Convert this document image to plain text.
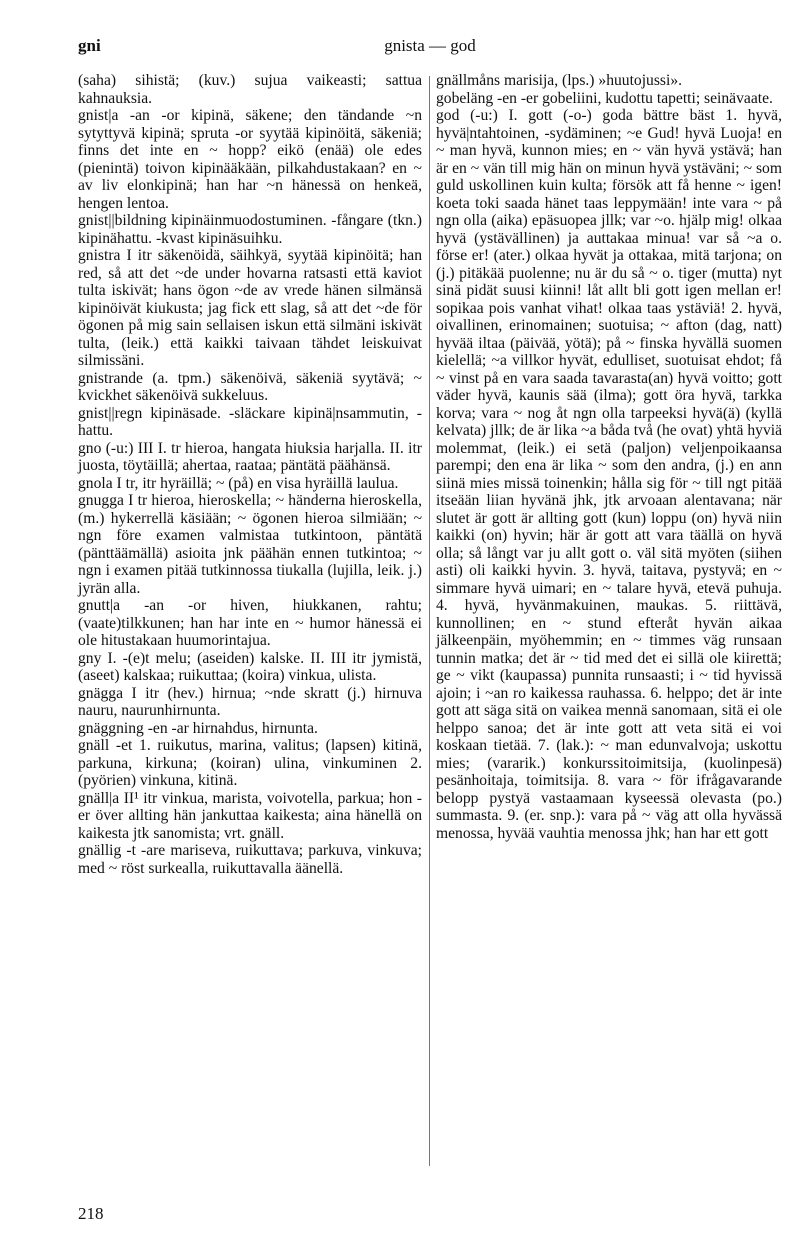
gni	gnista — god

(saha) sihistä; (kuv.) sujua vaikeasti; sattua kahnauksia.

gnist|a -an -or kipinä, säkene; den tändande ~n sytyttyvä kipinä; spruta -or syytää kipinöitä, säkeniä; finns det inte en ~ hopp? eikö (enää) ole edes (pienintä) toivon kipinääkään, pilkahdustakaan? en ~ av liv elonkipinä; han har ~n hänessä on henkeä, hengen lentoa.

gnist||bildning kipinäinmuodostuminen. -fångare (tkn.) kipinähattu. -kvast kipinäsuihku.

gnistra I itr säkenöidä, säihkyä, syytää kipinöitä; han red, så att det ~de under hovarna ratsasti että kaviot tulta iskivät; hans ögon ~de av vrede hänen silmänsä kipinöivät kiukusta; jag fick ett slag, så att det ~de för ögonen på mig sain sellaisen iskun että silmäni iskivät tulta, (leik.) että kaikki taivaan tähdet leiskuivat silmissäni.

gnistrande (a. tpm.) säkenöivä, säkeniä syytävä; ~ kvickhet säkenöivä sukkeluus.

gnist||regn kipinäsade. -släckare kipinä|nsammutin, -hattu.

gno (-u:) III I. tr hieroa, hangata hiuksia harjalla. II. itr juosta, töytäillä; ahertaa, raataa; päntätä päähänsä.

gnola I tr, itr hyräillä; ~ (på) en visa hyräillä laulua.

gnugga I tr hieroa, hieroskella; ~ händerna hieroskella, (m.) hykerrellä käsiään; ~ ögonen hieroa silmiään; ~ ngn före examen valmistaa tutkintoon, päntätä (pänttäämällä) asioita jnk päähän ennen tutkintoa; ~ ngn i examen pitää tutkinnossa tiukalla (lujilla, leik. j.) jyrän alla.

gnutt|a -an -or hiven, hiukkanen, rahtu; (vaate)tilkkunen; han har inte en ~ humor hänessä ei ole hitustakaan huumorintajua.

gny I. -(e)t melu; (aseiden) kalske. II. III itr jymistä, (aseet) kalskaa; ruikuttaa; (koira) vinkua, ulista.

gnägga I itr (hev.) hirnua; ~nde skratt (j.) hirnuva nauru, naurunhirnunta.

gnäggning -en -ar hirnahdus, hirnunta.

gnäll -et 1. ruikutus, marina, valitus; (lapsen) kitinä, parkuna, kirkuna; (koiran) ulina, vinkuminen 2. (pyörien) vinkuna, kitinä.

gnäll|a II¹ itr vinkua, marista, voivotella, parkua; hon -er över allting hän jankuttaa kaikesta; aina hänellä on kaikesta jtk sanomista; vrt. gnäll.

gnällig -t -are mariseva, ruikuttava; parkuva, vinkuva; med ~ röst surkealla, ruikuttavalla äänellä.

gnällmåns marisija, (lps.) »huutojussi».

gobeläng -en -er gobeliini, kudottu tapetti; seinävaate.

god (-u:) I. gott (-o-) goda bättre bäst 1. hyvä, hyvä|ntahtoinen, -sydäminen; ~e Gud! hyvä Luoja! en ~ man hyvä, kunnon mies; en ~ vän hyvä ystävä; han är en ~ vän till mig hän on minun hyvä ystäväni; ~ som guld uskollinen kuin kulta; försök att få henne ~ igen! koeta toki saada hänet taas leppymään! inte vara ~ på ngn olla (aika) epäsuopea jllk; var ~o. hjälp mig! olkaa hyvä (ystävällinen) ja auttakaa minua! var så ~a o. förse er! (ater.) olkaa hyvät ja ottakaa, mitä tarjona; on (j.) pitäkää puolenne; nu är du så ~ o. tiger (mutta) nyt sinä pidät suusi kiinni! låt allt bli gott igen mellan er! sopikaa pois vanhat vihat! olkaa taas ystäviä! 2. hyvä, oivallinen, erinomainen; suotuisa; ~ afton (dag, natt) hyvää iltaa (päivää, yötä); på ~ finska hyvällä suomen kielellä; ~a villkor hyvät, edulliset, suotuisat ehdot; få ~ vinst på en vara saada tavarasta(an) hyvä voitto; gott väder hyvä, kaunis sää (ilma); gott öra hyvä, tarkka korva; vara ~ nog åt ngn olla tarpeeksi hyvä(ä) (kyllä kelvata) jllk; de är lika ~a båda två (he ovat) yhtä hyviä molemmat, (leik.) ei setä (paljon) veljenpoikaansa parempi; den ena är lika ~ som den andra, (j.) en ann siinä mies missä toinenkin; hålla sig för ~ till ngt pitää itseään liian hyvänä jhk, jtk arvoaan alentavana; när slutet är gott är allting gott (kun) loppu (on) hyvä niin kaikki (on) hyvin; här är gott att vara täällä on hyvä olla; så långt var ju allt gott o. väl sitä myöten (siihen asti) oli kaikki hyvin. 3. hyvä, taitava, pystyvä; en ~ simmare hyvä uimari; en ~ talare hyvä, etevä puhuja. 4. hyvä, hyvänmakuinen, maukas. 5. riittävä, kunnollinen; en ~ stund efteråt hyvän aikaa jälkeenpäin, myöhemmin; en ~ timmes väg runsaan tunnin matka; det är ~ tid med det ei sillä ole kiirettä; ge ~ vikt (kaupassa) punnita runsaasti; i ~ tid hyvissä ajoin; i ~an ro kaikessa rauhassa. 6. helppo; det är inte gott att säga sitä on vaikea mennä sanomaan, sitä ei ole helppo sanoa; det är inte gott att veta sitä ei voi koskaan tietää. 7. (lak.): ~ man edunvalvoja; uskottu mies; (vararik.) konkurssitoimitsija, (kuolinpesä) pesänhoitaja, toimitsija. 8. vara ~ för ifrågavarande belopp pystyä vastaamaan kyseessä olevasta (po.) summasta. 9. (er. snp.): vara på ~ väg att olla hyvässä menossa, hyvää vauhtia menossa jhk; han har ett gott

218
